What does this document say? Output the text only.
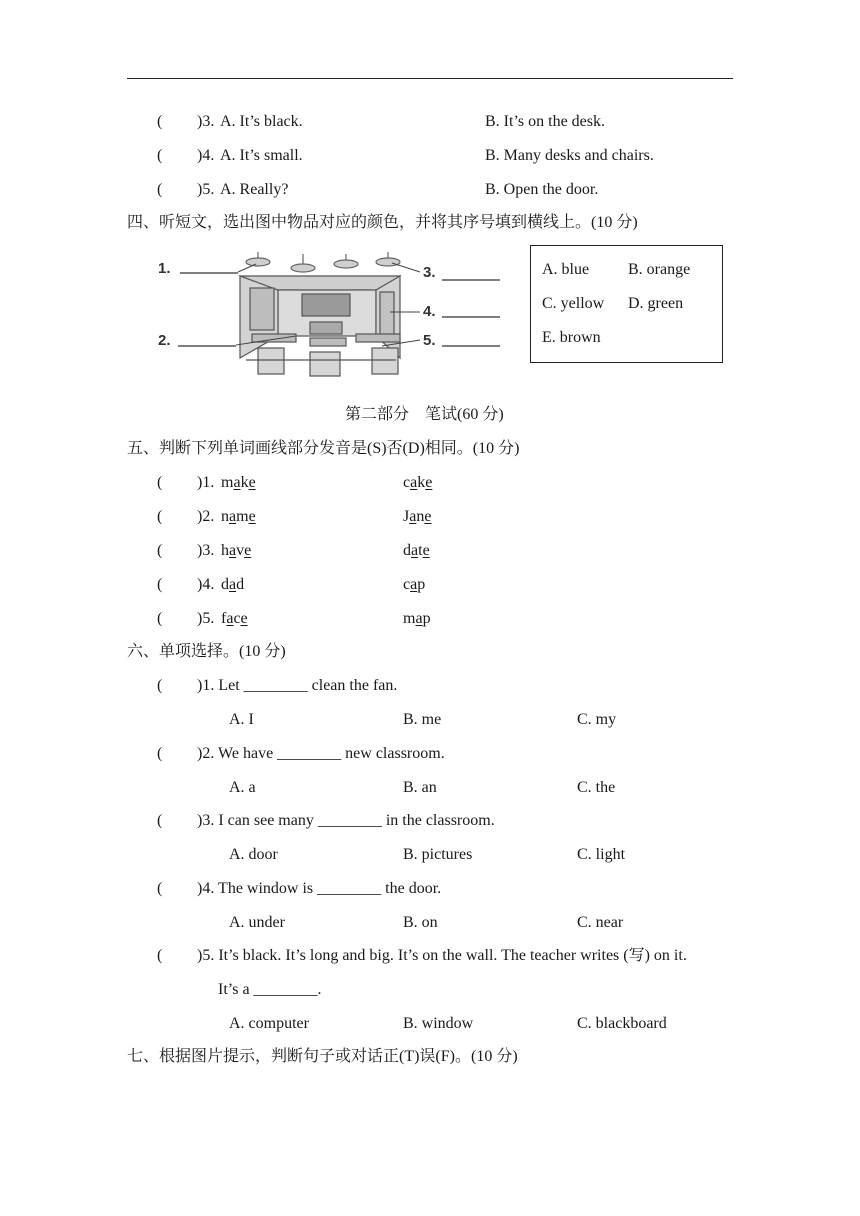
( )3. A. It’s black.	B. It’s on the desk.
( )4. A. It’s small.	B. Many desks and chairs.
( )5. A. Really?	B. Open the door.
四、听短文，选出图中物品对应的颜色，并将其序号填到横线上。(10 分)
1.
2.
3.
4.
5.
A. blue B. orange
C. yellow D. green
E. brown
第二部分　笔试(60 分)
五、判断下列单词画线部分发音是(S)否(D)相同。(10 分)
( )1. make	cake
( )2. name	Jane
( )3. have	date
( )4. dad	cap
( )5. face	map
六、单项选择。(10 分)
( )1. Let ________ clean the fan.
A. I	B. me	C. my
( )2. We have ________ new classroom.
A. a	B. an	C. the
( )3. I can see many ________ in the classroom.
A. door	B. pictures	C. light
( )4. The window is ________ the door.
A. under	B. on	C. near
( )5. It’s black. It’s long and big. It’s on the wall. The teacher writes (写) on it.
It’s a ________.
A. computer	B. window	C. blackboard
七、根据图片提示，判断句子或对话正(T)误(F)。(10 分)
